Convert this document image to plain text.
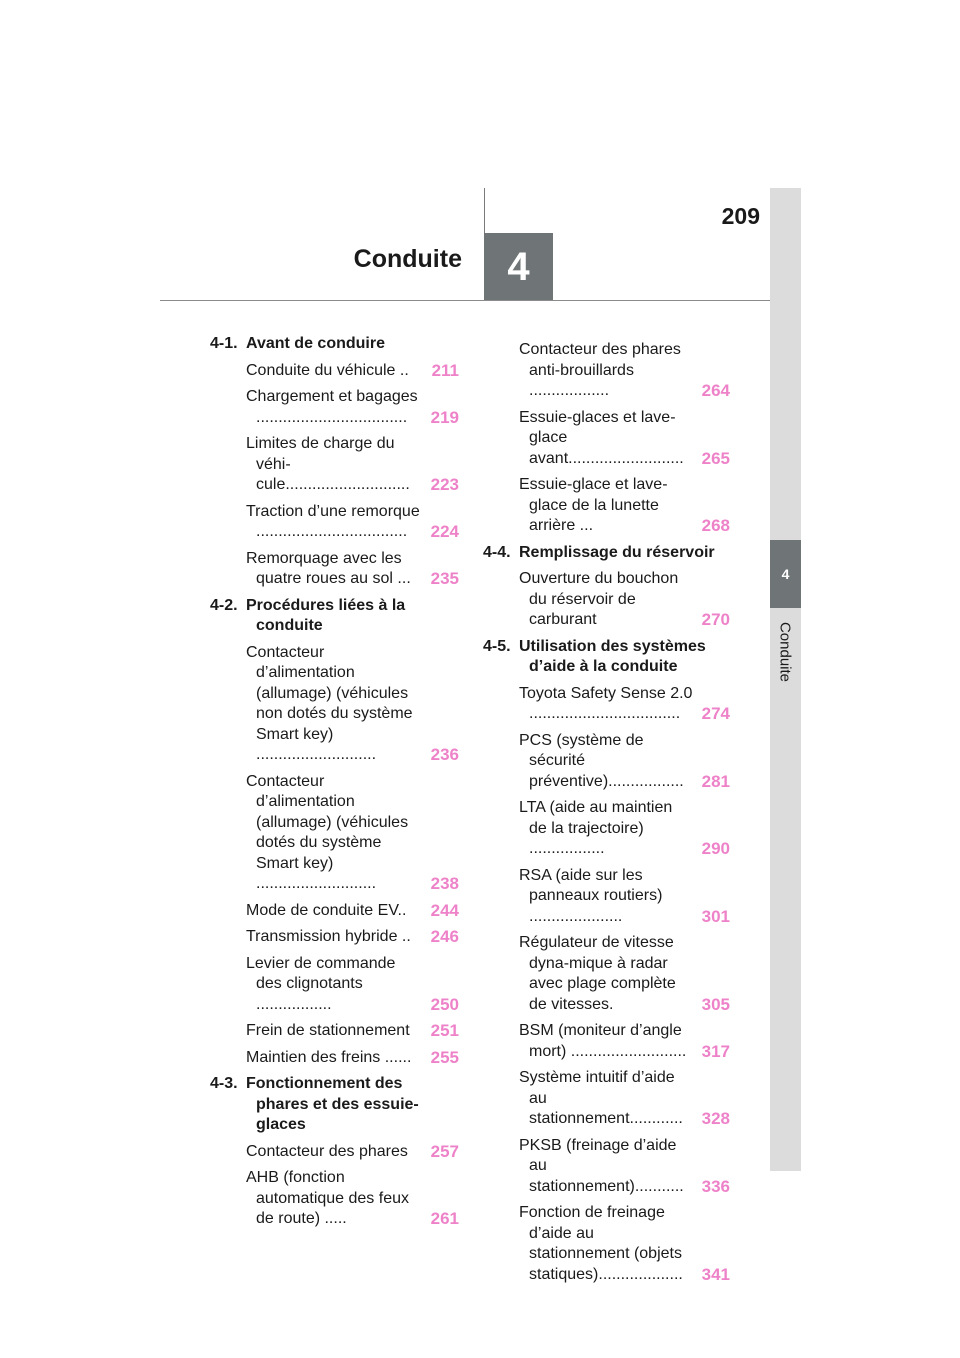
209
Conduite	4
4
Conduite
4-1. Avant de conduire
Conduite du véhicule ..	211
Chargement et bagages ..................................	219
Limites de charge du véhi-cule............................	223
Traction d’une remorque ..................................	224
Remorquage avec les quatre roues au sol ...	235
4-2. Procédures liées à la conduite
Contacteur d’alimentation (allumage) (véhicules non dotés du système Smart key) ...........................	236
Contacteur d’alimentation (allumage) (véhicules dotés du système Smart key) ...........................	238
Mode de conduite EV..	244
Transmission hybride ..	246
Levier de commande des clignotants .................	250
Frein de stationnement	251
Maintien des freins ......	255
4-3. Fonctionnement des phares et des essuie-glaces
Contacteur des phares	257
AHB (fonction automatique des feux de route) .....	261
Contacteur des phares anti-brouillards ..................	264
Essuie-glaces et lave-glace avant..........................	265
Essuie-glace et lave-glace de la lunette arrière ...	268
4-4. Remplissage du réservoir
Ouverture du bouchon du réservoir de carburant	270
4-5. Utilisation des systèmes d’aide à la conduite
Toyota Safety Sense 2.0 ..................................	274
PCS (système de sécurité préventive).................	281
LTA (aide au maintien de la trajectoire) .................	290
RSA (aide sur les panneaux routiers) .....................	301
Régulateur de vitesse dyna-mique à radar avec plage complète de vitesses.	305
BSM (moniteur d’angle mort) .......................... 317
Système intuitif d’aide au stationnement............	328
PKSB (freinage d’aide au stationnement)...........	336
Fonction de freinage d’aide au stationnement (objets statiques)...................	341
